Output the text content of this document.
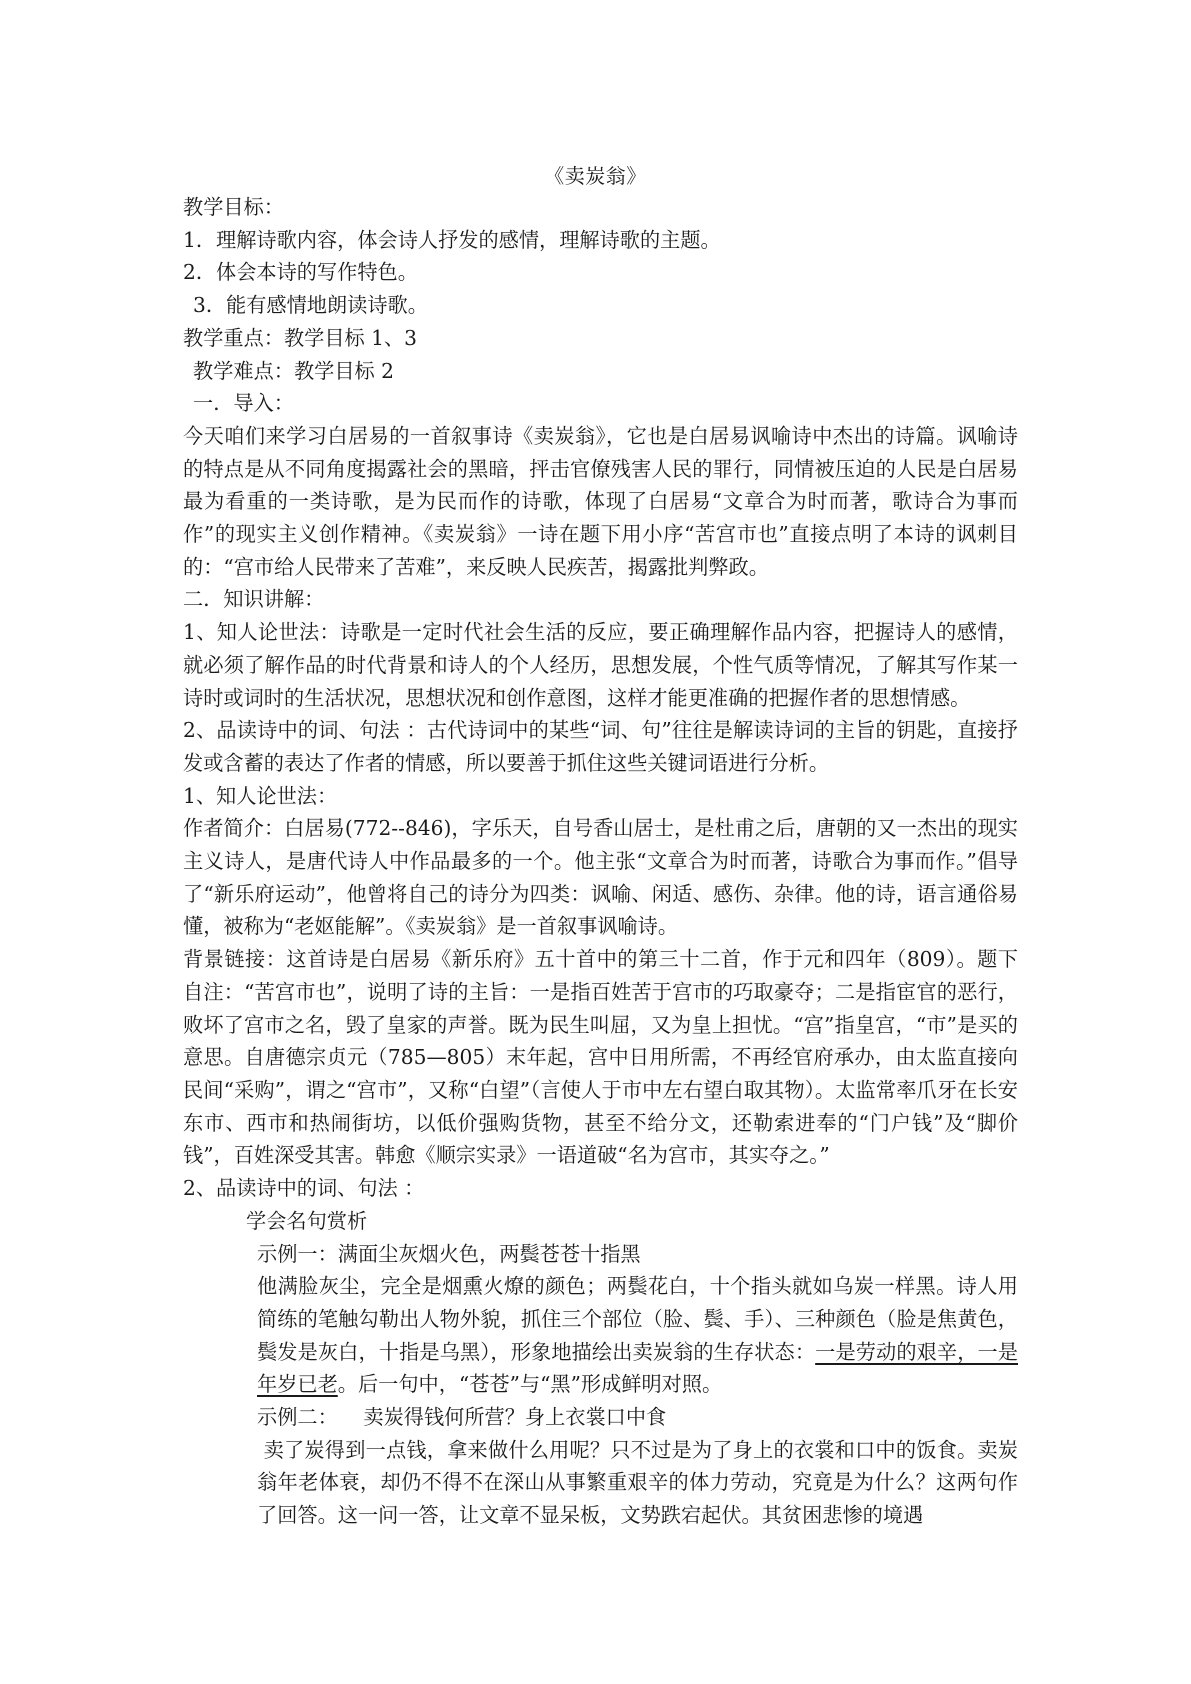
《卖炭翁》

教学目标：

1．理解诗歌内容，体会诗人抒发的感情，理解诗歌的主题。

2．体会本诗的写作特色。

3．能有感情地朗读诗歌。

教学重点：教学目标 1、3

教学难点：教学目标 2

一．导入：

今天咱们来学习白居易的一首叙事诗《卖炭翁》，它也是白居易讽喻诗中杰出的诗篇。讽喻诗的特点是从不同角度揭露社会的黑暗，抨击官僚残害人民的罪行，同情被压迫的人民是白居易最为看重的一类诗歌，是为民而作的诗歌，体现了白居易“文章合为时而著，歌诗合为事而作”的现实主义创作精神。《卖炭翁》一诗在题下用小序“苦宫市也”直接点明了本诗的讽刺目的：“宫市给人民带来了苦难”，来反映人民疾苦，揭露批判弊政。

二．知识讲解：

1、知人论世法：诗歌是一定时代社会生活的反应，要正确理解作品内容，把握诗人的感情，就必须了解作品的时代背景和诗人的个人经历，思想发展，个性气质等情况，了解其写作某一诗时或词时的生活状况，思想状况和创作意图，这样才能更准确的把握作者的思想情感。

2、品读诗中的词、句法 ：古代诗词中的某些“词、句”往往是解读诗词的主旨的钥匙，直接抒发或含蓄的表达了作者的情感，所以要善于抓住这些关键词语进行分析。

1、知人论世法：

作者简介：白居易(772--846)，字乐天，自号香山居士，是杜甫之后，唐朝的又一杰出的现实主义诗人，是唐代诗人中作品最多的一个。他主张“文章合为时而著，诗歌合为事而作。”倡导了“新乐府运动”，他曾将自己的诗分为四类：讽喻、闲适、感伤、杂律。他的诗，语言通俗易懂，被称为“老妪能解”。《卖炭翁》是一首叙事讽喻诗。

背景链接：这首诗是白居易《新乐府》五十首中的第三十二首，作于元和四年（809）。题下自注：“苦宫市也”，说明了诗的主旨：一是指百姓苦于宫市的巧取豪夺；二是指宦官的恶行，败坏了宫市之名，毁了皇家的声誉。既为民生叫屈，又为皇上担忧。“宫”指皇宫，“市”是买的意思。自唐德宗贞元（785—805）末年起，宫中日用所需，不再经官府承办，由太监直接向民间“采购”，谓之“宫市”，又称“白望”（言使人于市中左右望白取其物）。太监常率爪牙在长安东市、西市和热闹街坊，以低价强购货物，甚至不给分文，还勒索进奉的“门户钱”及“脚价钱”，百姓深受其害。韩愈《顺宗实录》一语道破“名为宫市，其实夺之。”

2、品读诗中的词、句法 ：

学会名句赏析

示例一：满面尘灰烟火色，两鬓苍苍十指黑

他满脸灰尘，完全是烟熏火燎的颜色；两鬓花白，十个指头就如乌炭一样黑。诗人用简练的笔触勾勒出人物外貌，抓住三个部位（脸、鬓、手）、三种颜色（脸是焦黄色，鬓发是灰白，十指是乌黑），形象地描绘出卖炭翁的生存状态：一是劳动的艰辛，一是年岁已老。后一句中，“苍苍”与“黑”形成鲜明对照。

示例二：    卖炭得钱何所营？身上衣裳口中食

卖了炭得到一点钱，拿来做什么用呢？只不过是为了身上的衣裳和口中的饭食。卖炭翁年老体衰，却仍不得不在深山从事繁重艰辛的体力劳动，究竟是为什么？这两句作了回答。这一问一答，让文章不显呆板，文势跌宕起伏。其贫困悲惨的境遇
